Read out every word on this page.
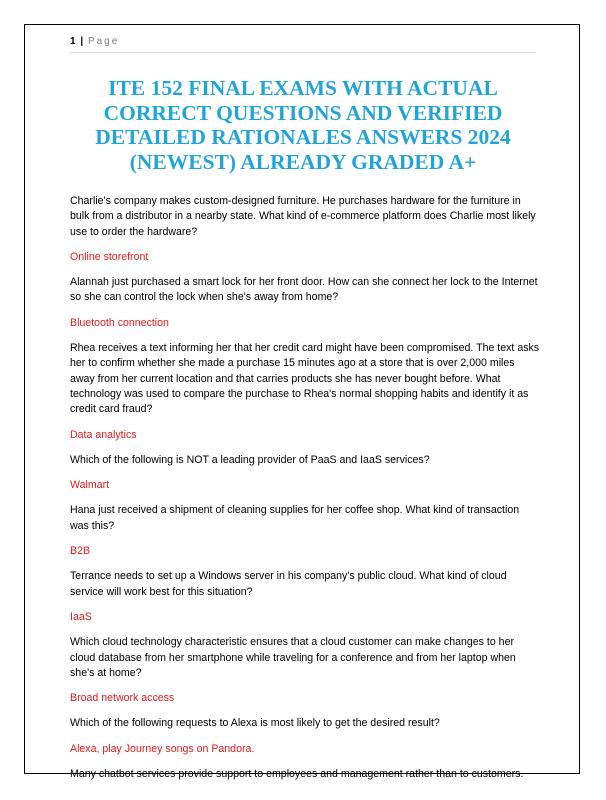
1 | Page
ITE 152 FINAL EXAMS WITH ACTUAL CORRECT QUESTIONS AND VERIFIED DETAILED RATIONALES ANSWERS 2024 (NEWEST) ALREADY GRADED A+

Charlie's company makes custom-designed furniture. He purchases hardware for the furniture in bulk from a distributor in a nearby state. What kind of e-commerce platform does Charlie most likely use to order the hardware?

Online storefront

Alannah just purchased a smart lock for her front door. How can she connect her lock to the Internet so she can control the lock when she's away from home?

Bluetooth connection

Rhea receives a text informing her that her credit card might have been compromised. The text asks her to confirm whether she made a purchase 15 minutes ago at a store that is over 2,000 miles away from her current location and that carries products she has never bought before. What technology was used to compare the purchase to Rhea's normal shopping habits and identify it as credit card fraud?

Data analytics

Which of the following is NOT a leading provider of PaaS and IaaS services?

Walmart

Hana just received a shipment of cleaning supplies for her coffee shop. What kind of transaction was this?

B2B

Terrance needs to set up a Windows server in his company's public cloud. What kind of cloud service will work best for this situation?

IaaS

Which cloud technology characteristic ensures that a cloud customer can make changes to her cloud database from her smartphone while traveling for a conference and from her laptop when she's at home?

Broad network access

Which of the following requests to Alexa is most likely to get the desired result?

Alexa, play Journey songs on Pandora.

Many chatbot services provide support to employees and management rather than to customers.
